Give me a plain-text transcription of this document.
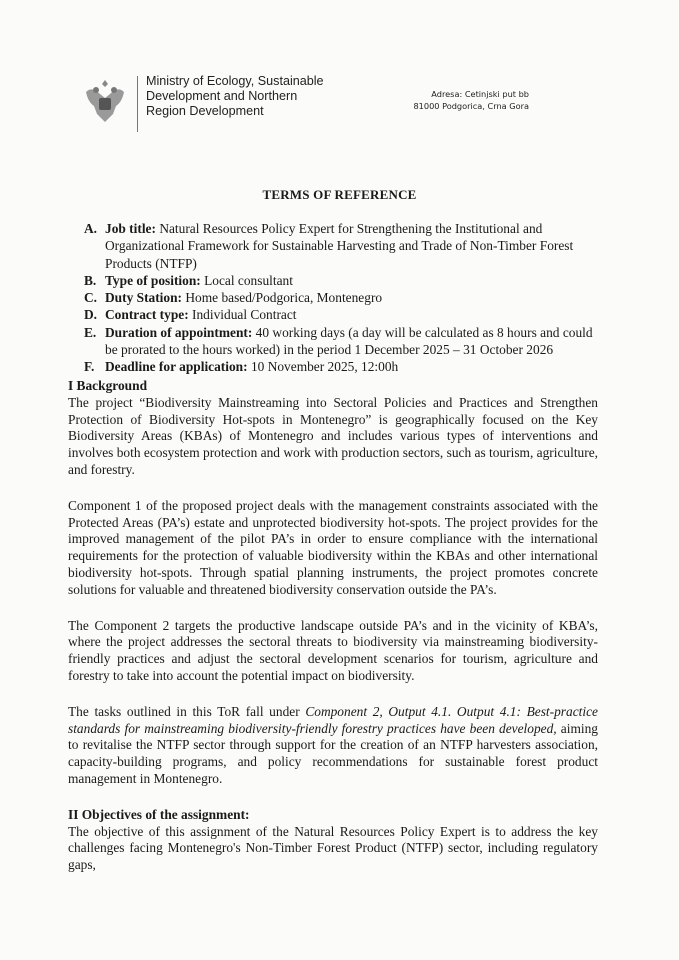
Ministry of Ecology, Sustainable
Development and Northern
Region Development
Adresa: Cetinjski put bb
81000 Podgorica, Crna Gora
TERMS OF REFERENCE
A. Job title: Natural Resources Policy Expert for Strengthening the Institutional and Organizational Framework for Sustainable Harvesting and Trade of Non-Timber Forest Products (NTFP)
B. Type of position: Local consultant
C. Duty Station: Home based/Podgorica, Montenegro
D. Contract type: Individual Contract
E. Duration of appointment: 40 working days (a day will be calculated as 8 hours and could be prorated to the hours worked) in the period 1 December 2025 – 31 October 2026
F. Deadline for application: 10 November 2025, 12:00h
I Background

The project “Biodiversity Mainstreaming into Sectoral Policies and Practices and Strengthen Protection of Biodiversity Hot-spots in Montenegro” is geographically focused on the Key Biodiversity Areas (KBAs) of Montenegro and includes various types of interventions and involves both ecosystem protection and work with production sectors, such as tourism, agriculture, and forestry.

Component 1 of the proposed project deals with the management constraints associated with the Protected Areas (PA’s) estate and unprotected biodiversity hot-spots. The project provides for the improved management of the pilot PA’s in order to ensure compliance with the international requirements for the protection of valuable biodiversity within the KBAs and other international biodiversity hot-spots. Through spatial planning instruments, the project promotes concrete solutions for valuable and threatened biodiversity conservation outside the PA’s.

The Component 2 targets the productive landscape outside PA’s and in the vicinity of KBA’s, where the project addresses the sectoral threats to biodiversity via mainstreaming biodiversity-friendly practices and adjust the sectoral development scenarios for tourism, agriculture and forestry to take into account the potential impact on biodiversity.

The tasks outlined in this ToR fall under Component 2, Output 4.1. Output 4.1: Best-practice standards for mainstreaming biodiversity-friendly forestry practices have been developed, aiming to revitalise the NTFP sector through support for the creation of an NTFP harvesters association, capacity-building programs, and policy recommendations for sustainable forest product management in Montenegro.

II Objectives of the assignment:

The objective of this assignment of the Natural Resources Policy Expert is to address the key challenges facing Montenegro's Non-Timber Forest Product (NTFP) sector, including regulatory gaps,
